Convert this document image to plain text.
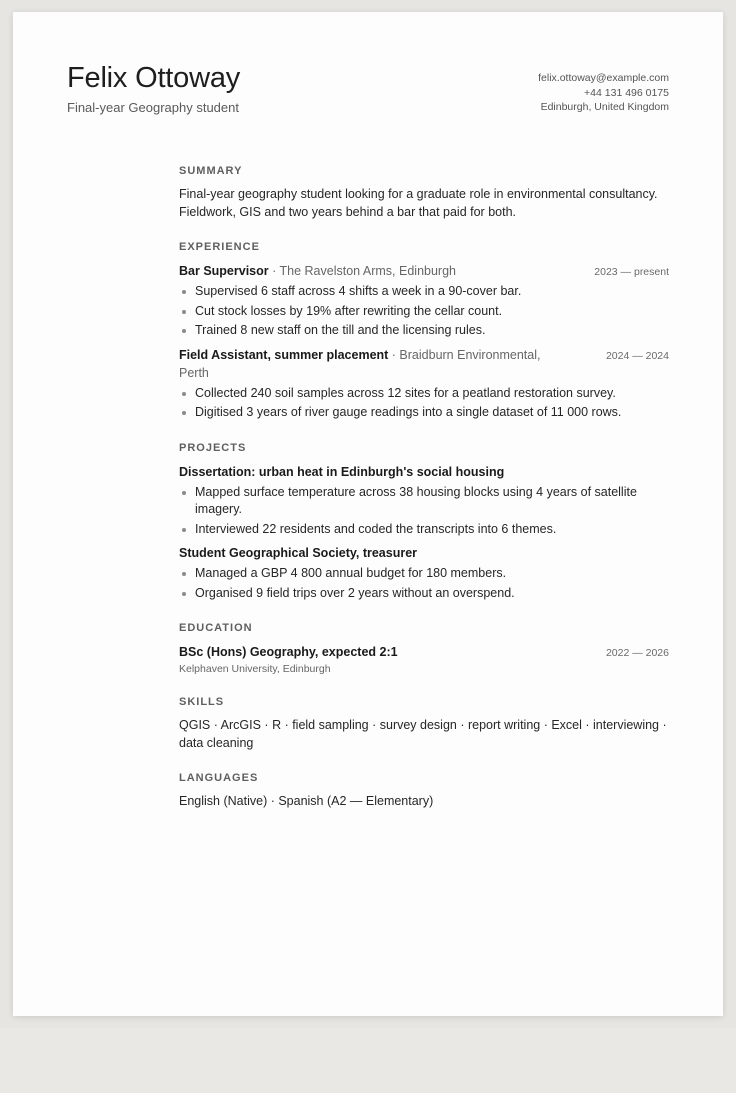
Felix Ottoway
Final-year Geography student
felix.ottoway@example.com
+44 131 496 0175
Edinburgh, United Kingdom
SUMMARY

Final-year geography student looking for a graduate role in environmental consultancy. Fieldwork, GIS and two years behind a bar that paid for both.

EXPERIENCE
Bar Supervisor · The Ravelston Arms, Edinburgh	2023 — present
Supervised 6 staff across 4 shifts a week in a 90-cover bar.
Cut stock losses by 19% after rewriting the cellar count.
Trained 8 new staff on the till and the licensing rules.
Field Assistant, summer placement · Braidburn Environmental, Perth
2024 — 2024
Collected 240 soil samples across 12 sites for a peatland restoration survey.
Digitised 3 years of river gauge readings into a single dataset of 11 000 rows.
PROJECTS
Dissertation: urban heat in Edinburgh's social housing
Mapped surface temperature across 38 housing blocks using 4 years of satellite imagery.
Interviewed 22 residents and coded the transcripts into 6 themes.
Student Geographical Society, treasurer
Managed a GBP 4 800 annual budget for 180 members.
Organised 9 field trips over 2 years without an overspend.
EDUCATION
BSc (Hons) Geography, expected 2:1	2022 — 2026
Kelphaven University, Edinburgh
SKILLS

QGIS · ArcGIS · R · field sampling · survey design · report writing · Excel · interviewing · data cleaning

LANGUAGES

English (Native) · Spanish (A2 — Elementary)
